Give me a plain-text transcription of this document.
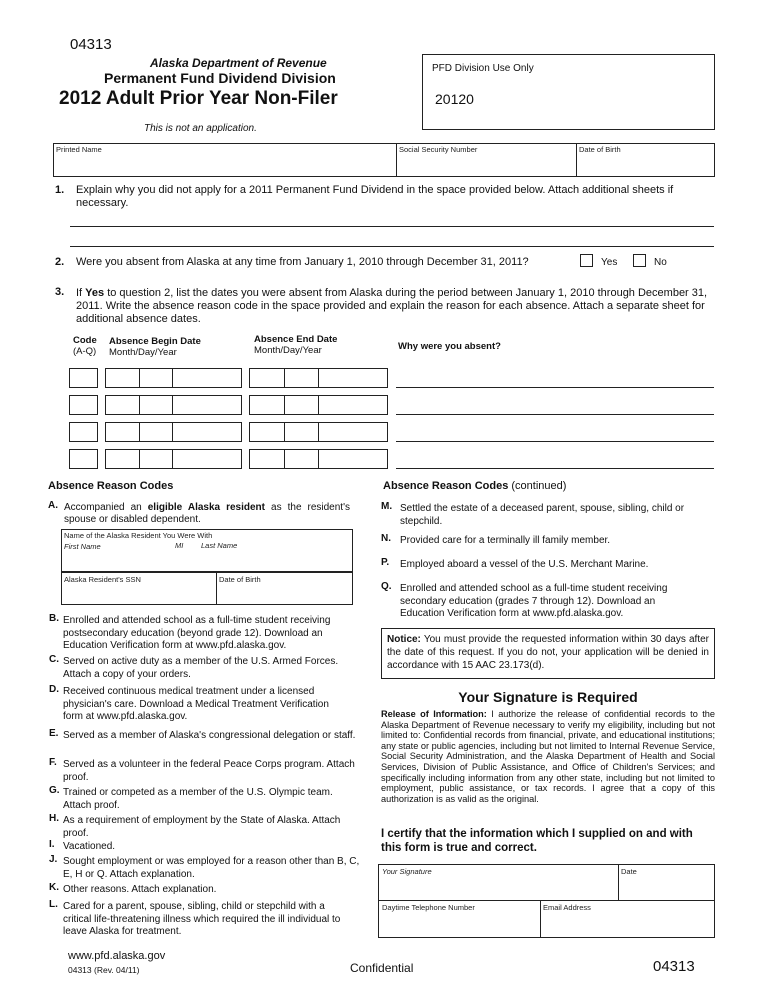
04313
Alaska Department of Revenue
Permanent Fund Dividend Division
2012 Adult Prior Year Non-Filer
This is not an application.
PFD Division Use Only
20120
Printed Name	Social Security Number	Date of Birth
1. Explain why you did not apply for a 2011 Permanent Fund Dividend in the space provided below. Attach additional sheets if necessary.
2. Were you absent from Alaska at any time from January 1, 2010 through December 31, 2011?	Yes	No
3. If Yes to question 2, list the dates you were absent from Alaska during the period between January 1, 2010 through December 31, 2011. Write the absence reason code in the space provided and explain the reason for each absence. Attach a separate sheet for additional absence dates.
Code
(A-Q)
Absence Begin Date
Month/Day/Year
Absence End Date
Month/Day/Year	Why were you absent?
Absence Reason Codes
A. Accompanied an eligible Alaska resident as the resident's spouse or disabled dependent.
Name of the Alaska Resident You Were With
First Name	MI Last Name
Alaska Resident's SSN	Date of Birth
B. Enrolled and attended school as a full-time student receiving postsecondary education (beyond grade 12). Download an Education Verification form at www.pfd.alaska.gov.
C. Served on active duty as a member of the U.S. Armed Forces. Attach a copy of your orders.
D. Received continuous medical treatment under a licensed physician's care. Download a Medical Treatment Verification form at www.pfd.alaska.gov.
E. Served as a member of Alaska's congressional delegation or staff.
F. Served as a volunteer in the federal Peace Corps program. Attach proof.
G. Trained or competed as a member of the U.S. Olympic team. Attach proof.
H. As a requirement of employment by the State of Alaska. Attach proof.
I. Vacationed.
J. Sought employment or was employed for a reason other than B, C, E, H or Q. Attach explanation.
K. Other reasons. Attach explanation.
L. Cared for a parent, spouse, sibling, child or stepchild with a critical life-threatening illness which required the ill individual to leave Alaska for treatment.
Absence Reason Codes (continued)
M. Settled the estate of a deceased parent, spouse, sibling, child or stepchild.
N. Provided care for a terminally ill family member.
P. Employed aboard a vessel of the U.S. Merchant Marine.
Q. Enrolled and attended school as a full-time student receiving secondary education (grades 7 through 12). Download an Education Verification form at www.pfd.alaska.gov.
Notice: You must provide the requested information within 30 days after the date of this request. If you do not, your application will be denied in accordance with 15 AAC 23.173(d).
Your Signature is Required
Release of Information: I authorize the release of confidential records to the Alaska Department of Revenue necessary to verify my eligibility, including but not limited to: Confidential records from financial, private, and educational institutions; any state or public agencies, including but not limited to Internal Revenue Service, Social Security Administration, and the Alaska Department of Health and Social Services, Division of Public Assistance, and Office of Children's Services; and specifically including information from any other state, including but not limited to employment, public assistance, or tax records. I agree that a copy of this authorization is as valid as the original.
I certify that the information which I supplied on and with this form is true and correct.
Your Signature	Date
Daytime Telephone Number	Email Address
www.pfd.alaska.gov
04313 (Rev. 04/11)	Confidential	04313
